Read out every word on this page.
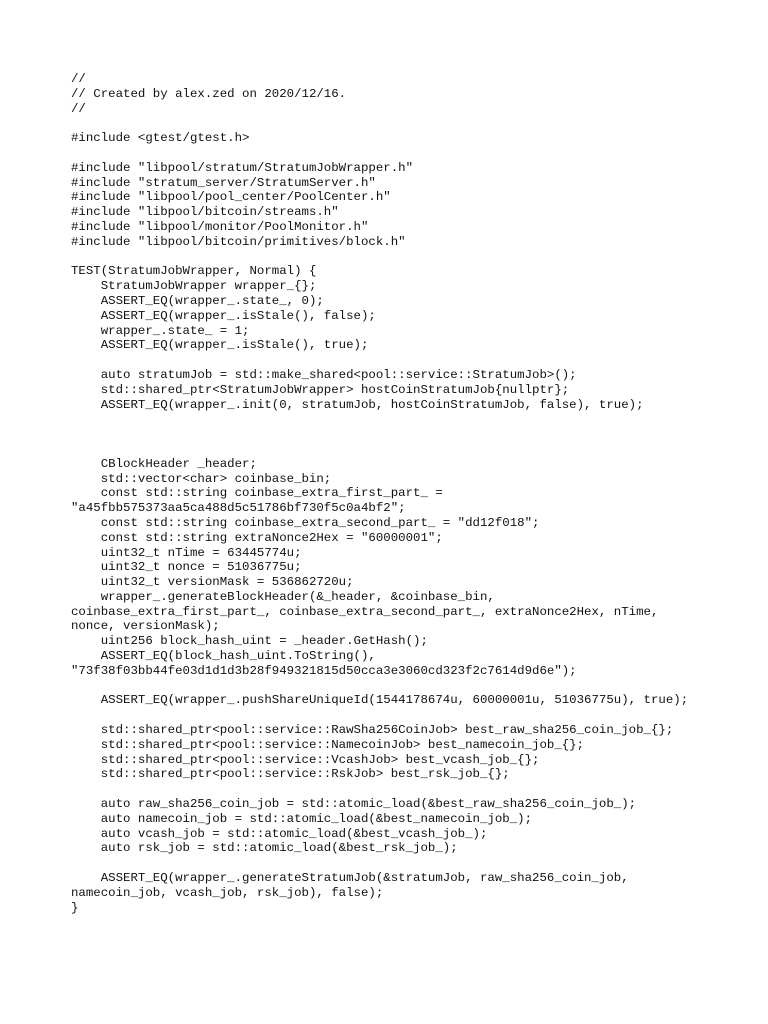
//
// Created by alex.zed on 2020/12/16.
//
#include <gtest/gtest.h>
#include "libpool/stratum/StratumJobWrapper.h"
#include "stratum_server/StratumServer.h"
#include "libpool/pool_center/PoolCenter.h"
#include "libpool/bitcoin/streams.h"
#include "libpool/monitor/PoolMonitor.h"
#include "libpool/bitcoin/primitives/block.h"
TEST(StratumJobWrapper, Normal) {
StratumJobWrapper wrapper_{};
ASSERT_EQ(wrapper_.state_, 0);
ASSERT_EQ(wrapper_.isStale(), false);
wrapper_.state_ = 1;
ASSERT_EQ(wrapper_.isStale(), true);
auto stratumJob = std::make_shared<pool::service::StratumJob>();
std::shared_ptr<StratumJobWrapper> hostCoinStratumJob{nullptr};
ASSERT_EQ(wrapper_.init(0, stratumJob, hostCoinStratumJob, false), true);
CBlockHeader _header;
std::vector<char> coinbase_bin;
const std::string coinbase_extra_first_part_ =
"a45fbb575373aa5ca488d5c51786bf730f5c0a4bf2";
const std::string coinbase_extra_second_part_ = "dd12f018";
const std::string extraNonce2Hex = "60000001";
uint32_t nTime = 63445774u;
uint32_t nonce = 51036775u;
uint32_t versionMask = 536862720u;
wrapper_.generateBlockHeader(&_header, &coinbase_bin,
coinbase_extra_first_part_, coinbase_extra_second_part_, extraNonce2Hex, nTime,
nonce, versionMask);
uint256 block_hash_uint = _header.GetHash();
ASSERT_EQ(block_hash_uint.ToString(),
"73f38f03bb44fe03d1d1d3b28f949321815d50cca3e3060cd323f2c7614d9d6e");
ASSERT_EQ(wrapper_.pushShareUniqueId(1544178674u, 60000001u, 51036775u), true);
std::shared_ptr<pool::service::RawSha256CoinJob> best_raw_sha256_coin_job_{};
std::shared_ptr<pool::service::NamecoinJob> best_namecoin_job_{};
std::shared_ptr<pool::service::VcashJob> best_vcash_job_{};
std::shared_ptr<pool::service::RskJob> best_rsk_job_{};
auto raw_sha256_coin_job = std::atomic_load(&best_raw_sha256_coin_job_);
auto namecoin_job = std::atomic_load(&best_namecoin_job_);
auto vcash_job = std::atomic_load(&best_vcash_job_);
auto rsk_job = std::atomic_load(&best_rsk_job_);
ASSERT_EQ(wrapper_.generateStratumJob(&stratumJob, raw_sha256_coin_job,
namecoin_job, vcash_job, rsk_job), false);
}
